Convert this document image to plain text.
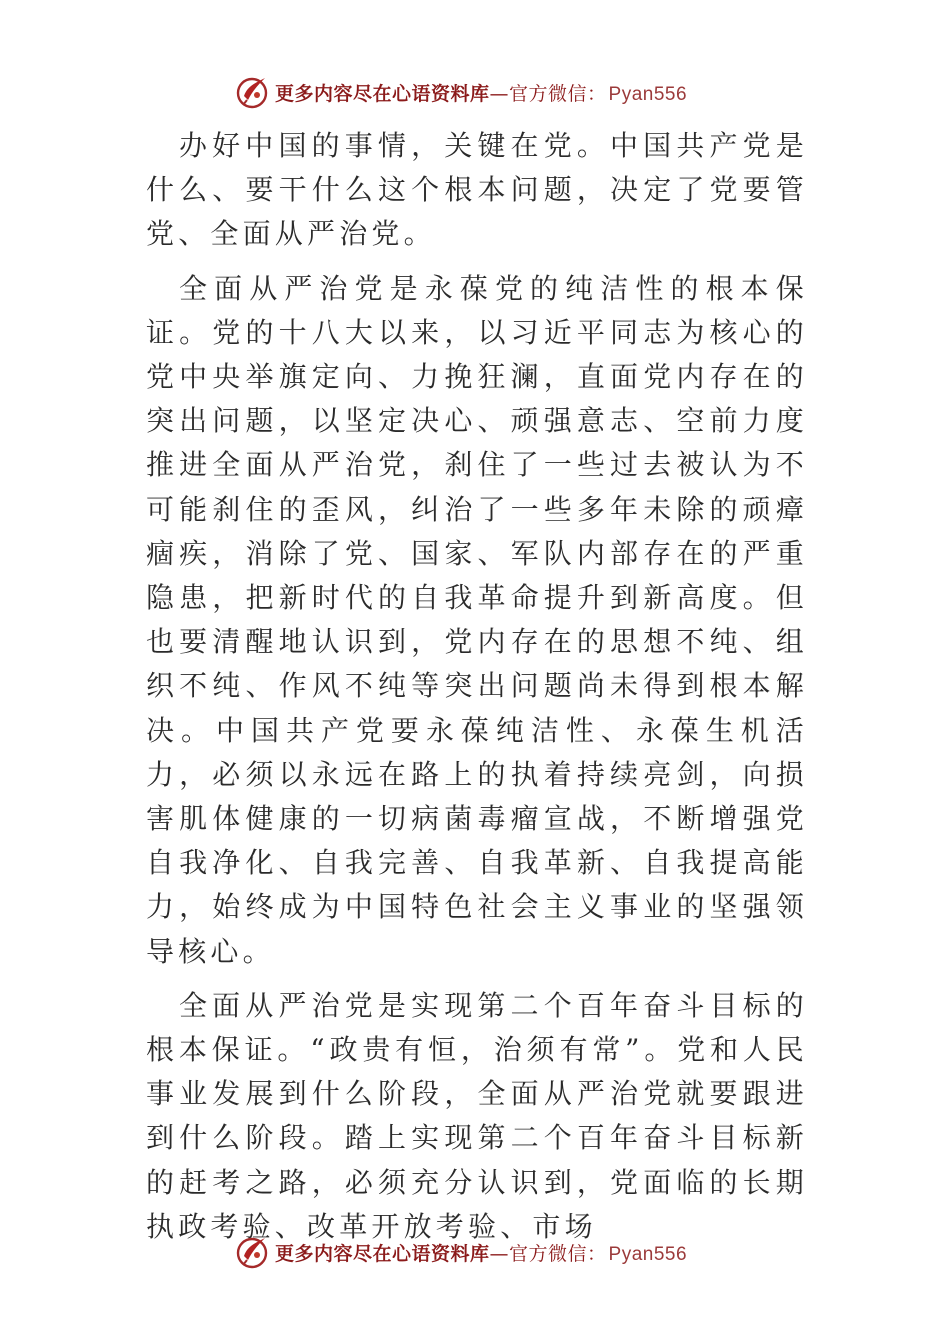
更多内容尽在心语资料库—官方微信： Pyan556

办好中国的事情，关键在党。中国共产党是什么、要干什么这个根本问题，决定了党要管党、全面从严治党。

全面从严治党是永葆党的纯洁性的根本保证。党的十八大以来，以习近平同志为核心的党中央举旗定向、力挽狂澜，直面党内存在的突出问题，以坚定决心、顽强意志、空前力度推进全面从严治党，刹住了一些过去被认为不可能刹住的歪风，纠治了一些多年未除的顽瘴痼疾，消除了党、国家、军队内部存在的严重隐患，把新时代的自我革命提升到新高度。但也要清醒地认识到，党内存在的思想不纯、组织不纯、作风不纯等突出问题尚未得到根本解决。中国共产党要永葆纯洁性、永葆生机活力，必须以永远在路上的执着持续亮剑，向损害肌体健康的一切病菌毒瘤宣战，不断增强党自我净化、自我完善、自我革新、自我提高能力，始终成为中国特色社会主义事业的坚强领导核心。

全面从严治党是实现第二个百年奋斗目标的根本保证。“政贵有恒，治须有常”。党和人民事业发展到什么阶段，全面从严治党就要跟进到什么阶段。踏上实现第二个百年奋斗目标新的赶考之路，必须充分认识到，党面临的长期执政考验、改革开放考验、市场

更多内容尽在心语资料库—官方微信： Pyan556
